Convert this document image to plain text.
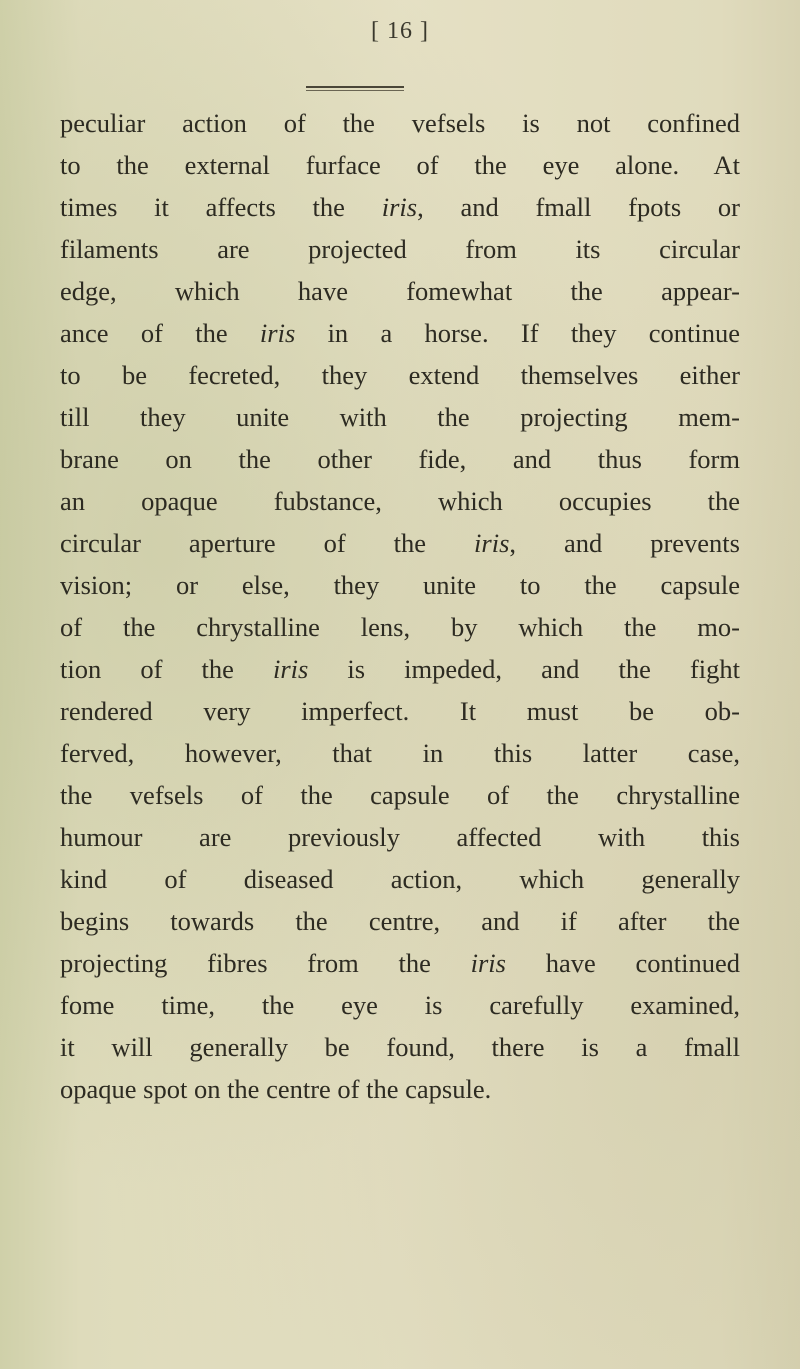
[ 16 ]
peculiar action of the vefsels is not confined
to the external furface of the eye alone. At
times it affects the iris, and fmall fpots or
filaments are projected from its circular
edge, which have fomewhat the appear-
ance of the iris in a horse. If they continue
to be fecreted, they extend themselves either
till they unite with the projecting mem-
brane on the other fide, and thus form
an opaque fubstance, which occupies the
circular aperture of the iris, and prevents
vision; or else, they unite to the capsule
of the chrystalline lens, by which the mo-
tion of the iris is impeded, and the fight
rendered very imperfect. It must be ob-
ferved, however, that in this latter case,
the vefsels of the capsule of the chrystalline
humour are previously affected with this
kind of diseased action, which generally
begins towards the centre, and if after the
projecting fibres from the iris have continued
fome time, the eye is carefully examined,
it will generally be found, there is a fmall
opaque spot on the centre of the capsule.
